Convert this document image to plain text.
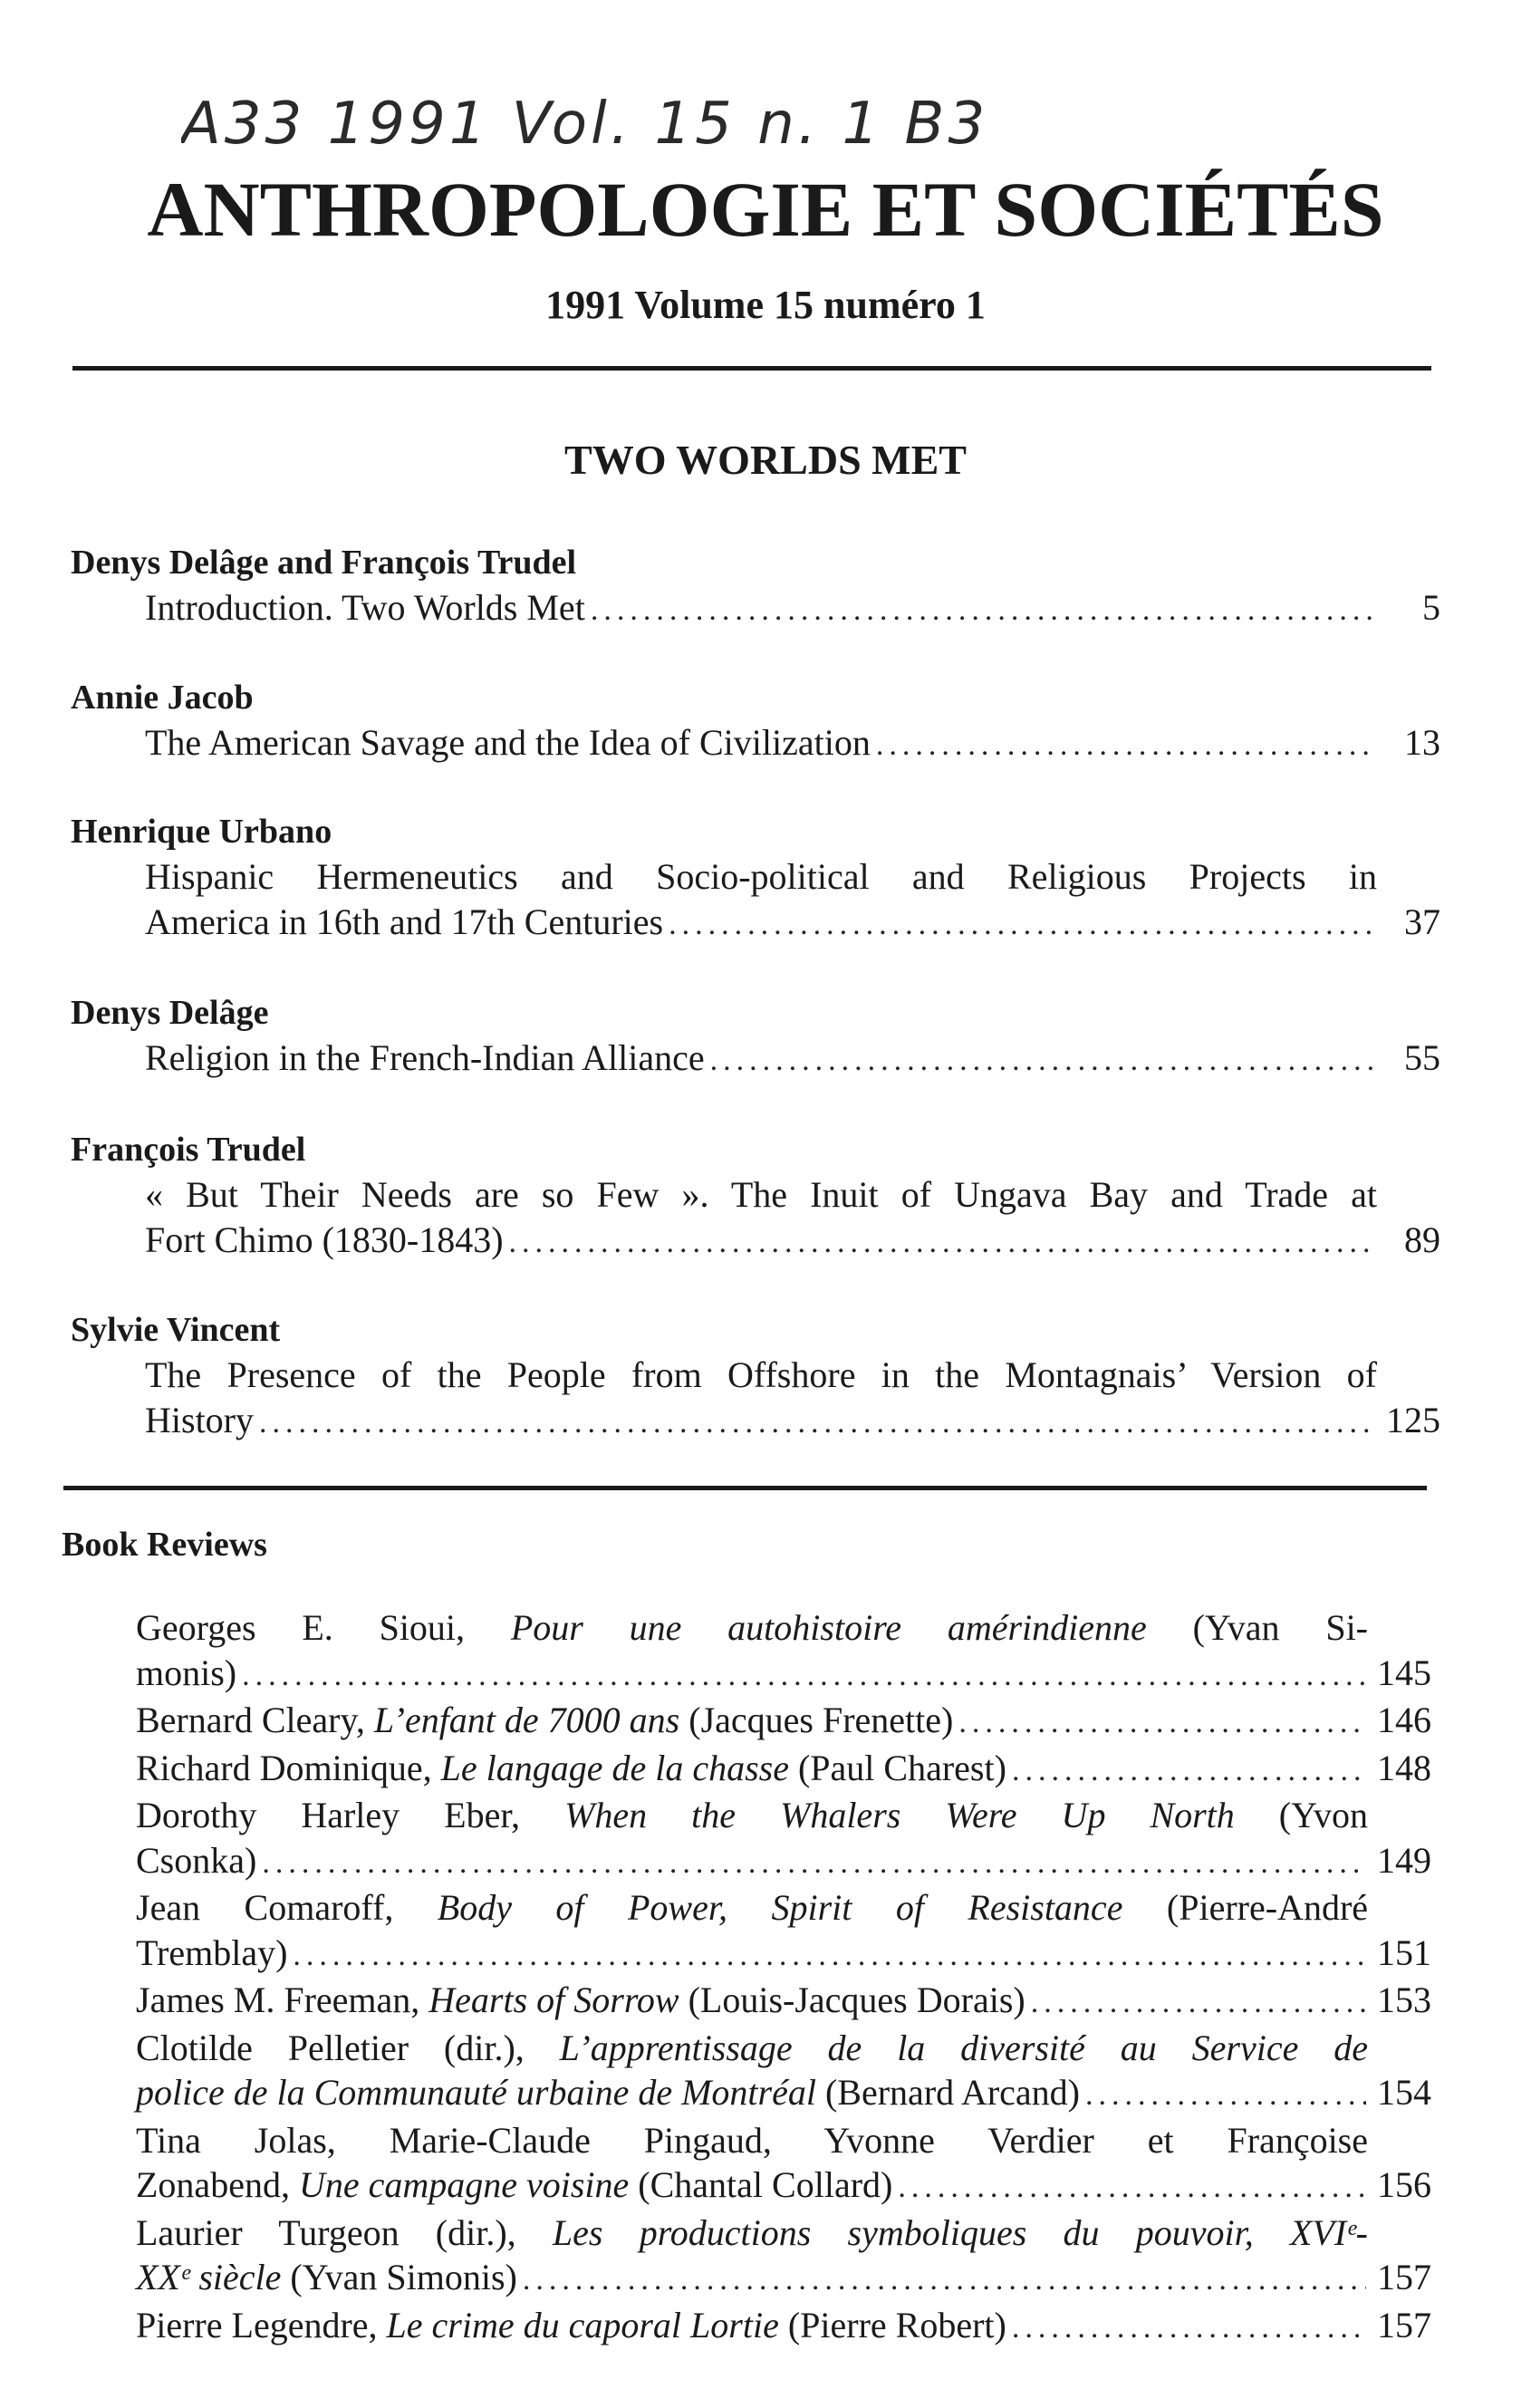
A33 1991 Vol. 15 n. 1 B3
ANTHROPOLOGIE ET SOCIÉTÉS
1991 Volume 15 numéro 1
TWO WORLDS MET
Denys Delâge and François Trudel
Introduction. Two Worlds Met .....	5
Annie Jacob
The American Savage and the Idea of Civilization .....	13
Henrique Urbano
Hispanic Hermeneutics and Socio-political and Religious Projects in
America in 16th and 17th Centuries .....	37
Denys Delâge
Religion in the French-Indian Alliance .....	55
François Trudel
« But Their Needs are so Few ». The Inuit of Ungava Bay and Trade at
Fort Chimo (1830-1843) .....	89
Sylvie Vincent
The Presence of the People from Offshore in the Montagnais’ Version of
History .....	125
Book Reviews
Georges E. Sioui, Pour une autohistoire amérindienne (Yvan Si-
monis) .....	145
Bernard Cleary, L’enfant de 7000 ans (Jacques Frenette) .....	146
Richard Dominique, Le langage de la chasse (Paul Charest) .....	148
Dorothy Harley Eber, When the Whalers Were Up North (Yvon
Csonka) .....	149
Jean Comaroff, Body of Power, Spirit of Resistance (Pierre-André
Tremblay) .....	151
James M. Freeman, Hearts of Sorrow (Louis-Jacques Dorais) .....	153
Clotilde Pelletier (dir.), L’apprentissage de la diversité au Service de
police de la Communauté urbaine de Montréal (Bernard Arcand) .....	154
Tina Jolas, Marie-Claude Pingaud, Yvonne Verdier et Françoise
Zonabend, Une campagne voisine (Chantal Collard) .....	156
Laurier Turgeon (dir.), Les productions symboliques du pouvoir, XVIᵉ-
XXᵉ siècle (Yvan Simonis) .....	157
Pierre Legendre, Le crime du caporal Lortie (Pierre Robert) .....	157
